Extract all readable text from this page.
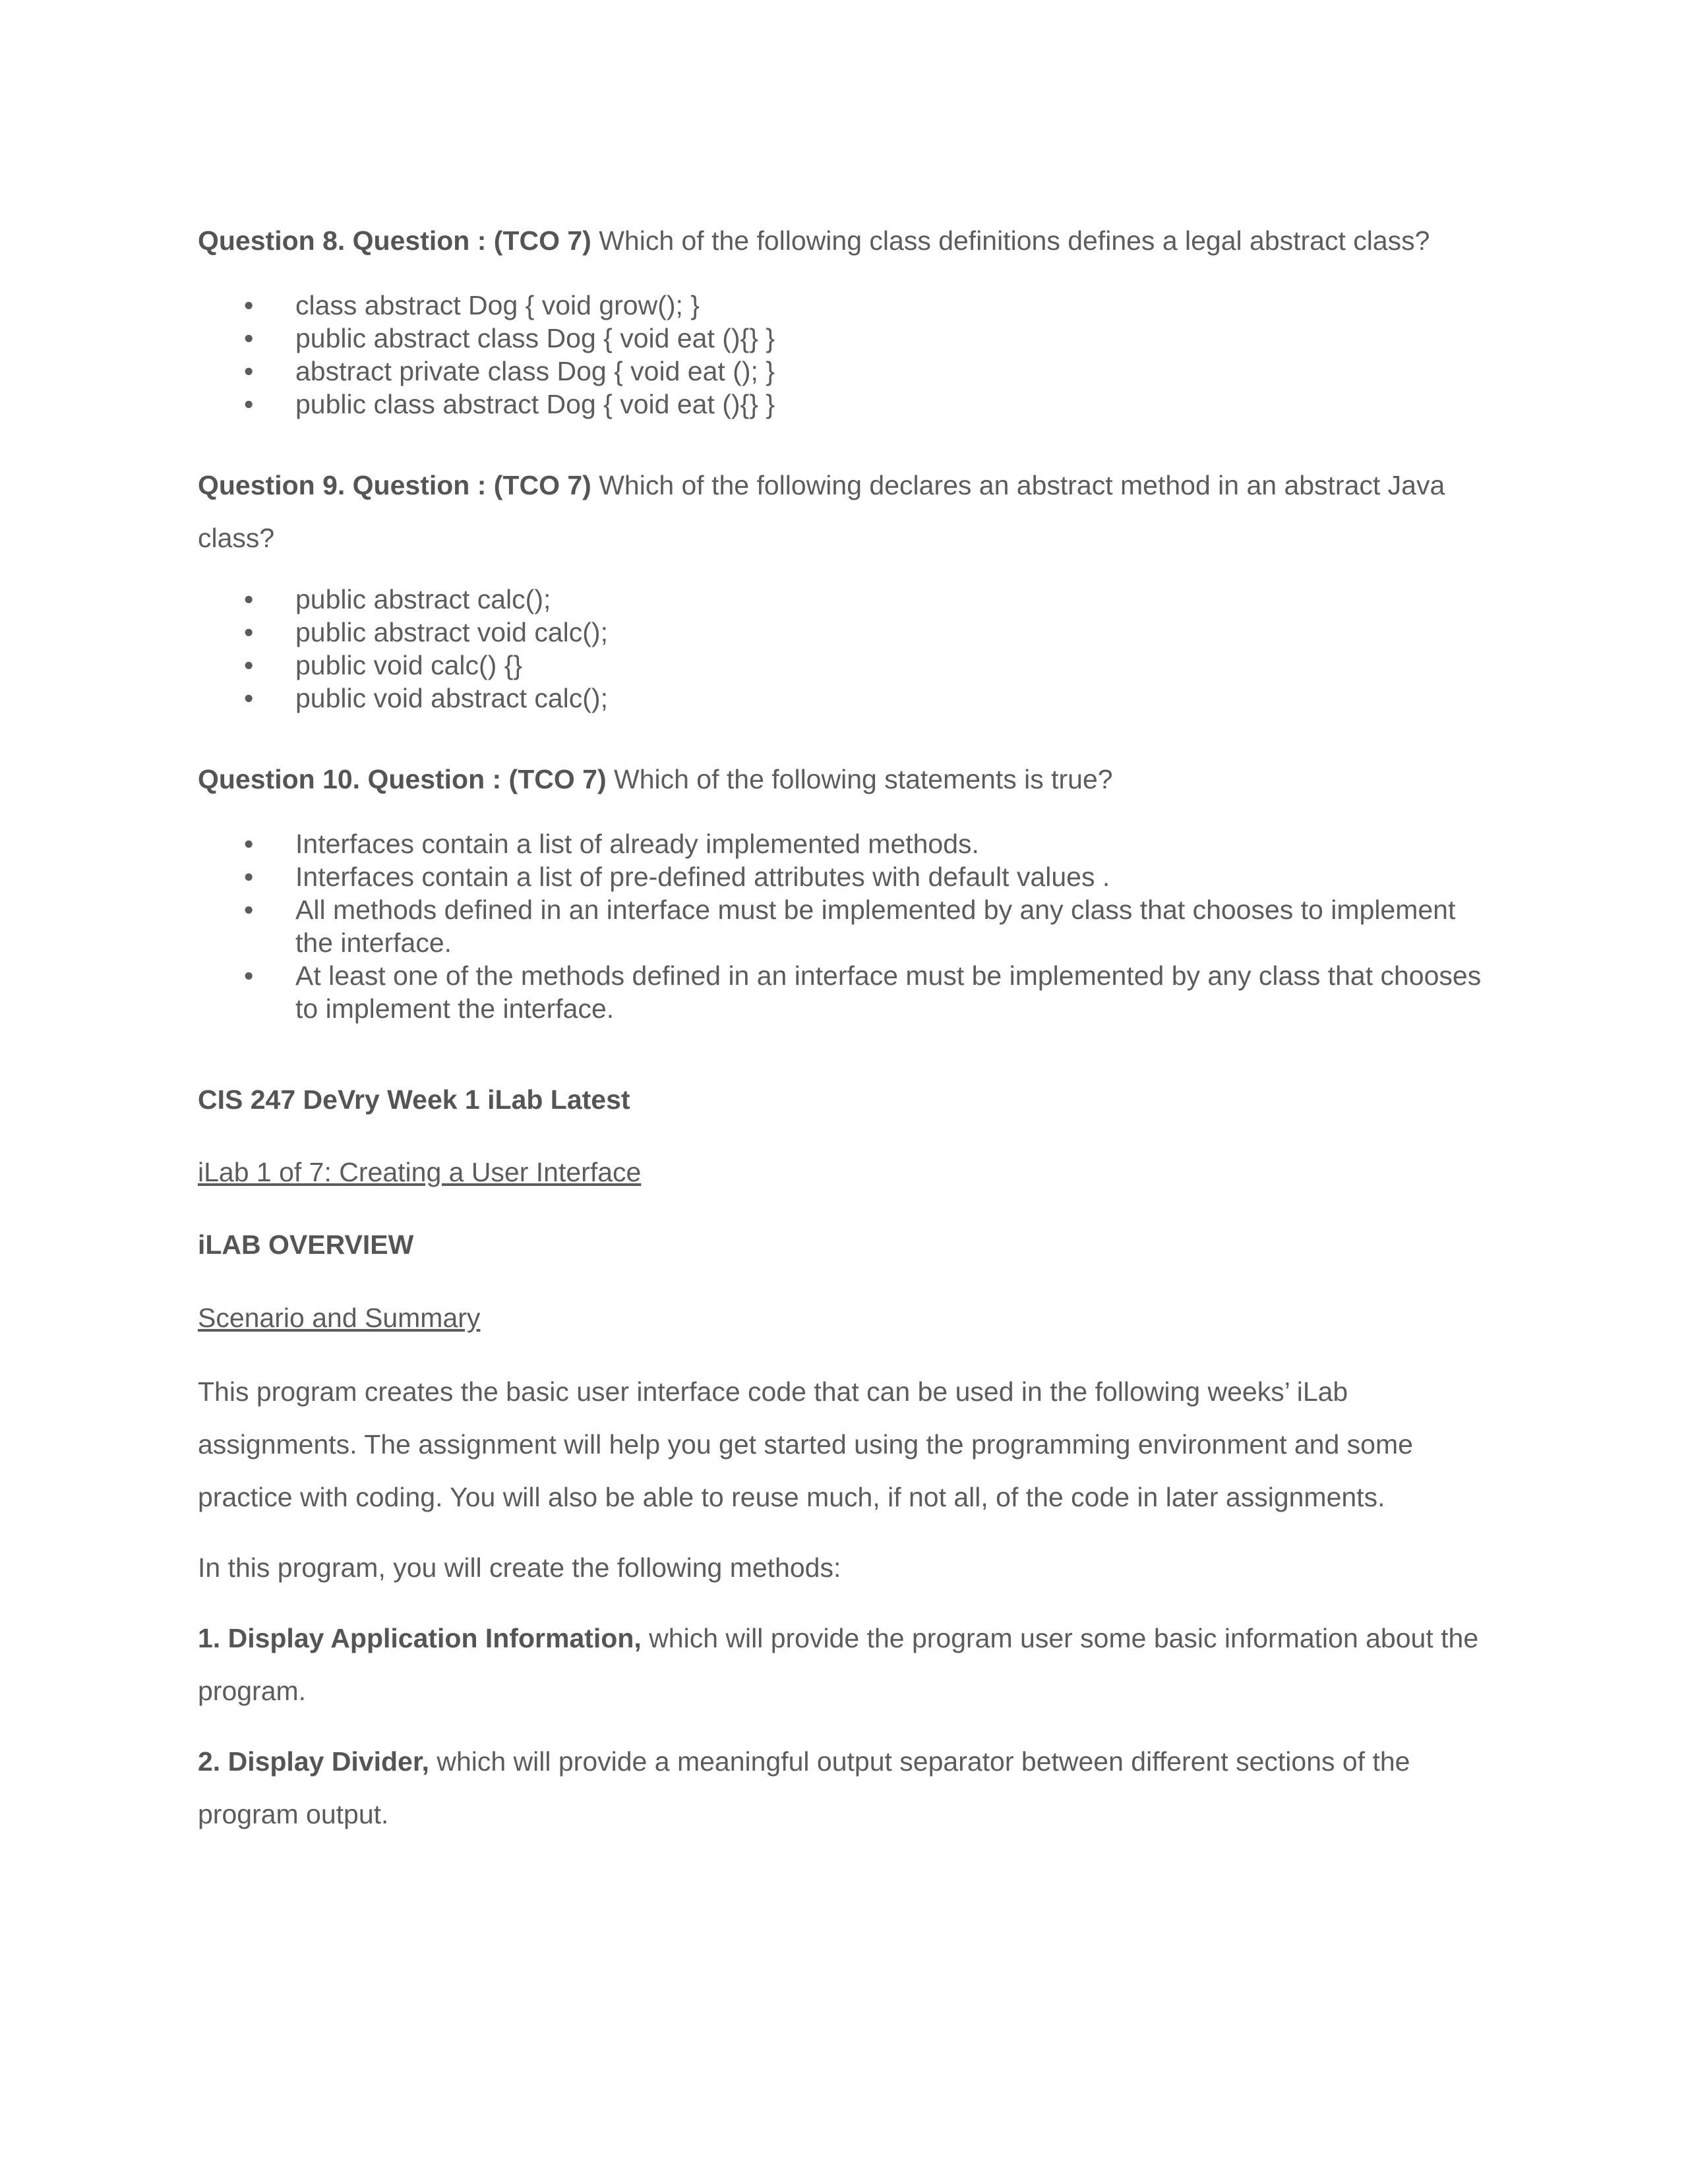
Question 8. Question : (TCO 7) Which of the following class definitions defines a legal abstract class?

•	class abstract Dog { void grow(); }
•	public abstract class Dog { void eat (){} }
•	abstract private class Dog { void eat (); }
•	public class abstract Dog { void eat (){} }

Question 9. Question : (TCO 7) Which of the following declares an abstract method in an abstract Java class?

•	public abstract calc();
•	public abstract void calc();
•	public void calc() {}
•	public void abstract calc();

Question 10. Question : (TCO 7) Which of the following statements is true?

•	Interfaces contain a list of already implemented methods.
•	Interfaces contain a list of pre-defined attributes with default values .
•	All methods defined in an interface must be implemented by any class that chooses to implement the interface.
•	At least one of the methods defined in an interface must be implemented by any class that chooses to implement the interface.

CIS 247 DeVry Week 1 iLab Latest

iLab 1 of 7: Creating a User Interface

iLAB OVERVIEW

Scenario and Summary

This program creates the basic user interface code that can be used in the following weeks’ iLab assignments. The assignment will help you get started using the programming environment and some practice with coding. You will also be able to reuse much, if not all, of the code in later assignments.

In this program, you will create the following methods:

1. Display Application Information, which will provide the program user some basic information about the program.

2. Display Divider, which will provide a meaningful output separator between different sections of the program output.
